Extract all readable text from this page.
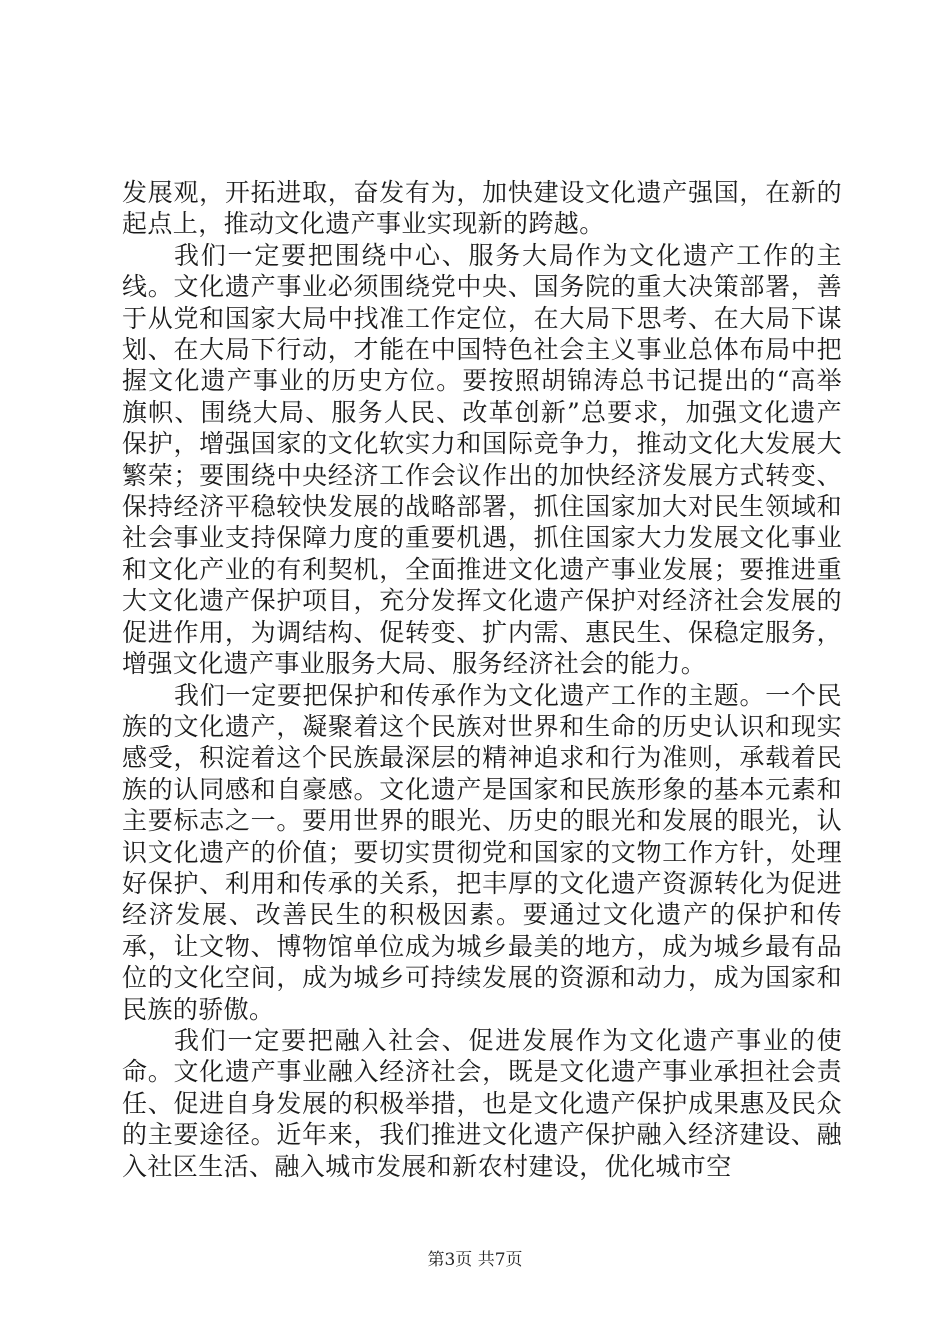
发展观，开拓进取，奋发有为，加快建设文化遗产强国，在新的起点上，推动文化遗产事业实现新的跨越。

我们一定要把围绕中心、服务大局作为文化遗产工作的主线。文化遗产事业必须围绕党中央、国务院的重大决策部署，善于从党和国家大局中找准工作定位，在大局下思考、在大局下谋划、在大局下行动，才能在中国特色社会主义事业总体布局中把握文化遗产事业的历史方位。要按照胡锦涛总书记提出的“高举旗帜、围绕大局、服务人民、改革创新”总要求，加强文化遗产保护，增强国家的文化软实力和国际竞争力，推动文化大发展大繁荣；要围绕中央经济工作会议作出的加快经济发展方式转变、保持经济平稳较快发展的战略部署，抓住国家加大对民生领域和社会事业支持保障力度的重要机遇，抓住国家大力发展文化事业和文化产业的有利契机，全面推进文化遗产事业发展；要推进重大文化遗产保护项目，充分发挥文化遗产保护对经济社会发展的促进作用，为调结构、促转变、扩内需、惠民生、保稳定服务，增强文化遗产事业服务大局、服务经济社会的能力。

我们一定要把保护和传承作为文化遗产工作的主题。一个民族的文化遗产，凝聚着这个民族对世界和生命的历史认识和现实感受，积淀着这个民族最深层的精神追求和行为准则，承载着民族的认同感和自豪感。文化遗产是国家和民族形象的基本元素和主要标志之一。要用世界的眼光、历史的眼光和发展的眼光，认识文化遗产的价值；要切实贯彻党和国家的文物工作方针，处理好保护、利用和传承的关系，把丰厚的文化遗产资源转化为促进经济发展、改善民生的积极因素。要通过文化遗产的保护和传承，让文物、博物馆单位成为城乡最美的地方，成为城乡最有品位的文化空间，成为城乡可持续发展的资源和动力，成为国家和民族的骄傲。

我们一定要把融入社会、促进发展作为文化遗产事业的使命。文化遗产事业融入经济社会，既是文化遗产事业承担社会责任、促进自身发展的积极举措，也是文化遗产保护成果惠及民众的主要途径。近年来，我们推进文化遗产保护融入经济建设、融入社区生活、融入城市发展和新农村建设，优化城市空

第3页 共7页
